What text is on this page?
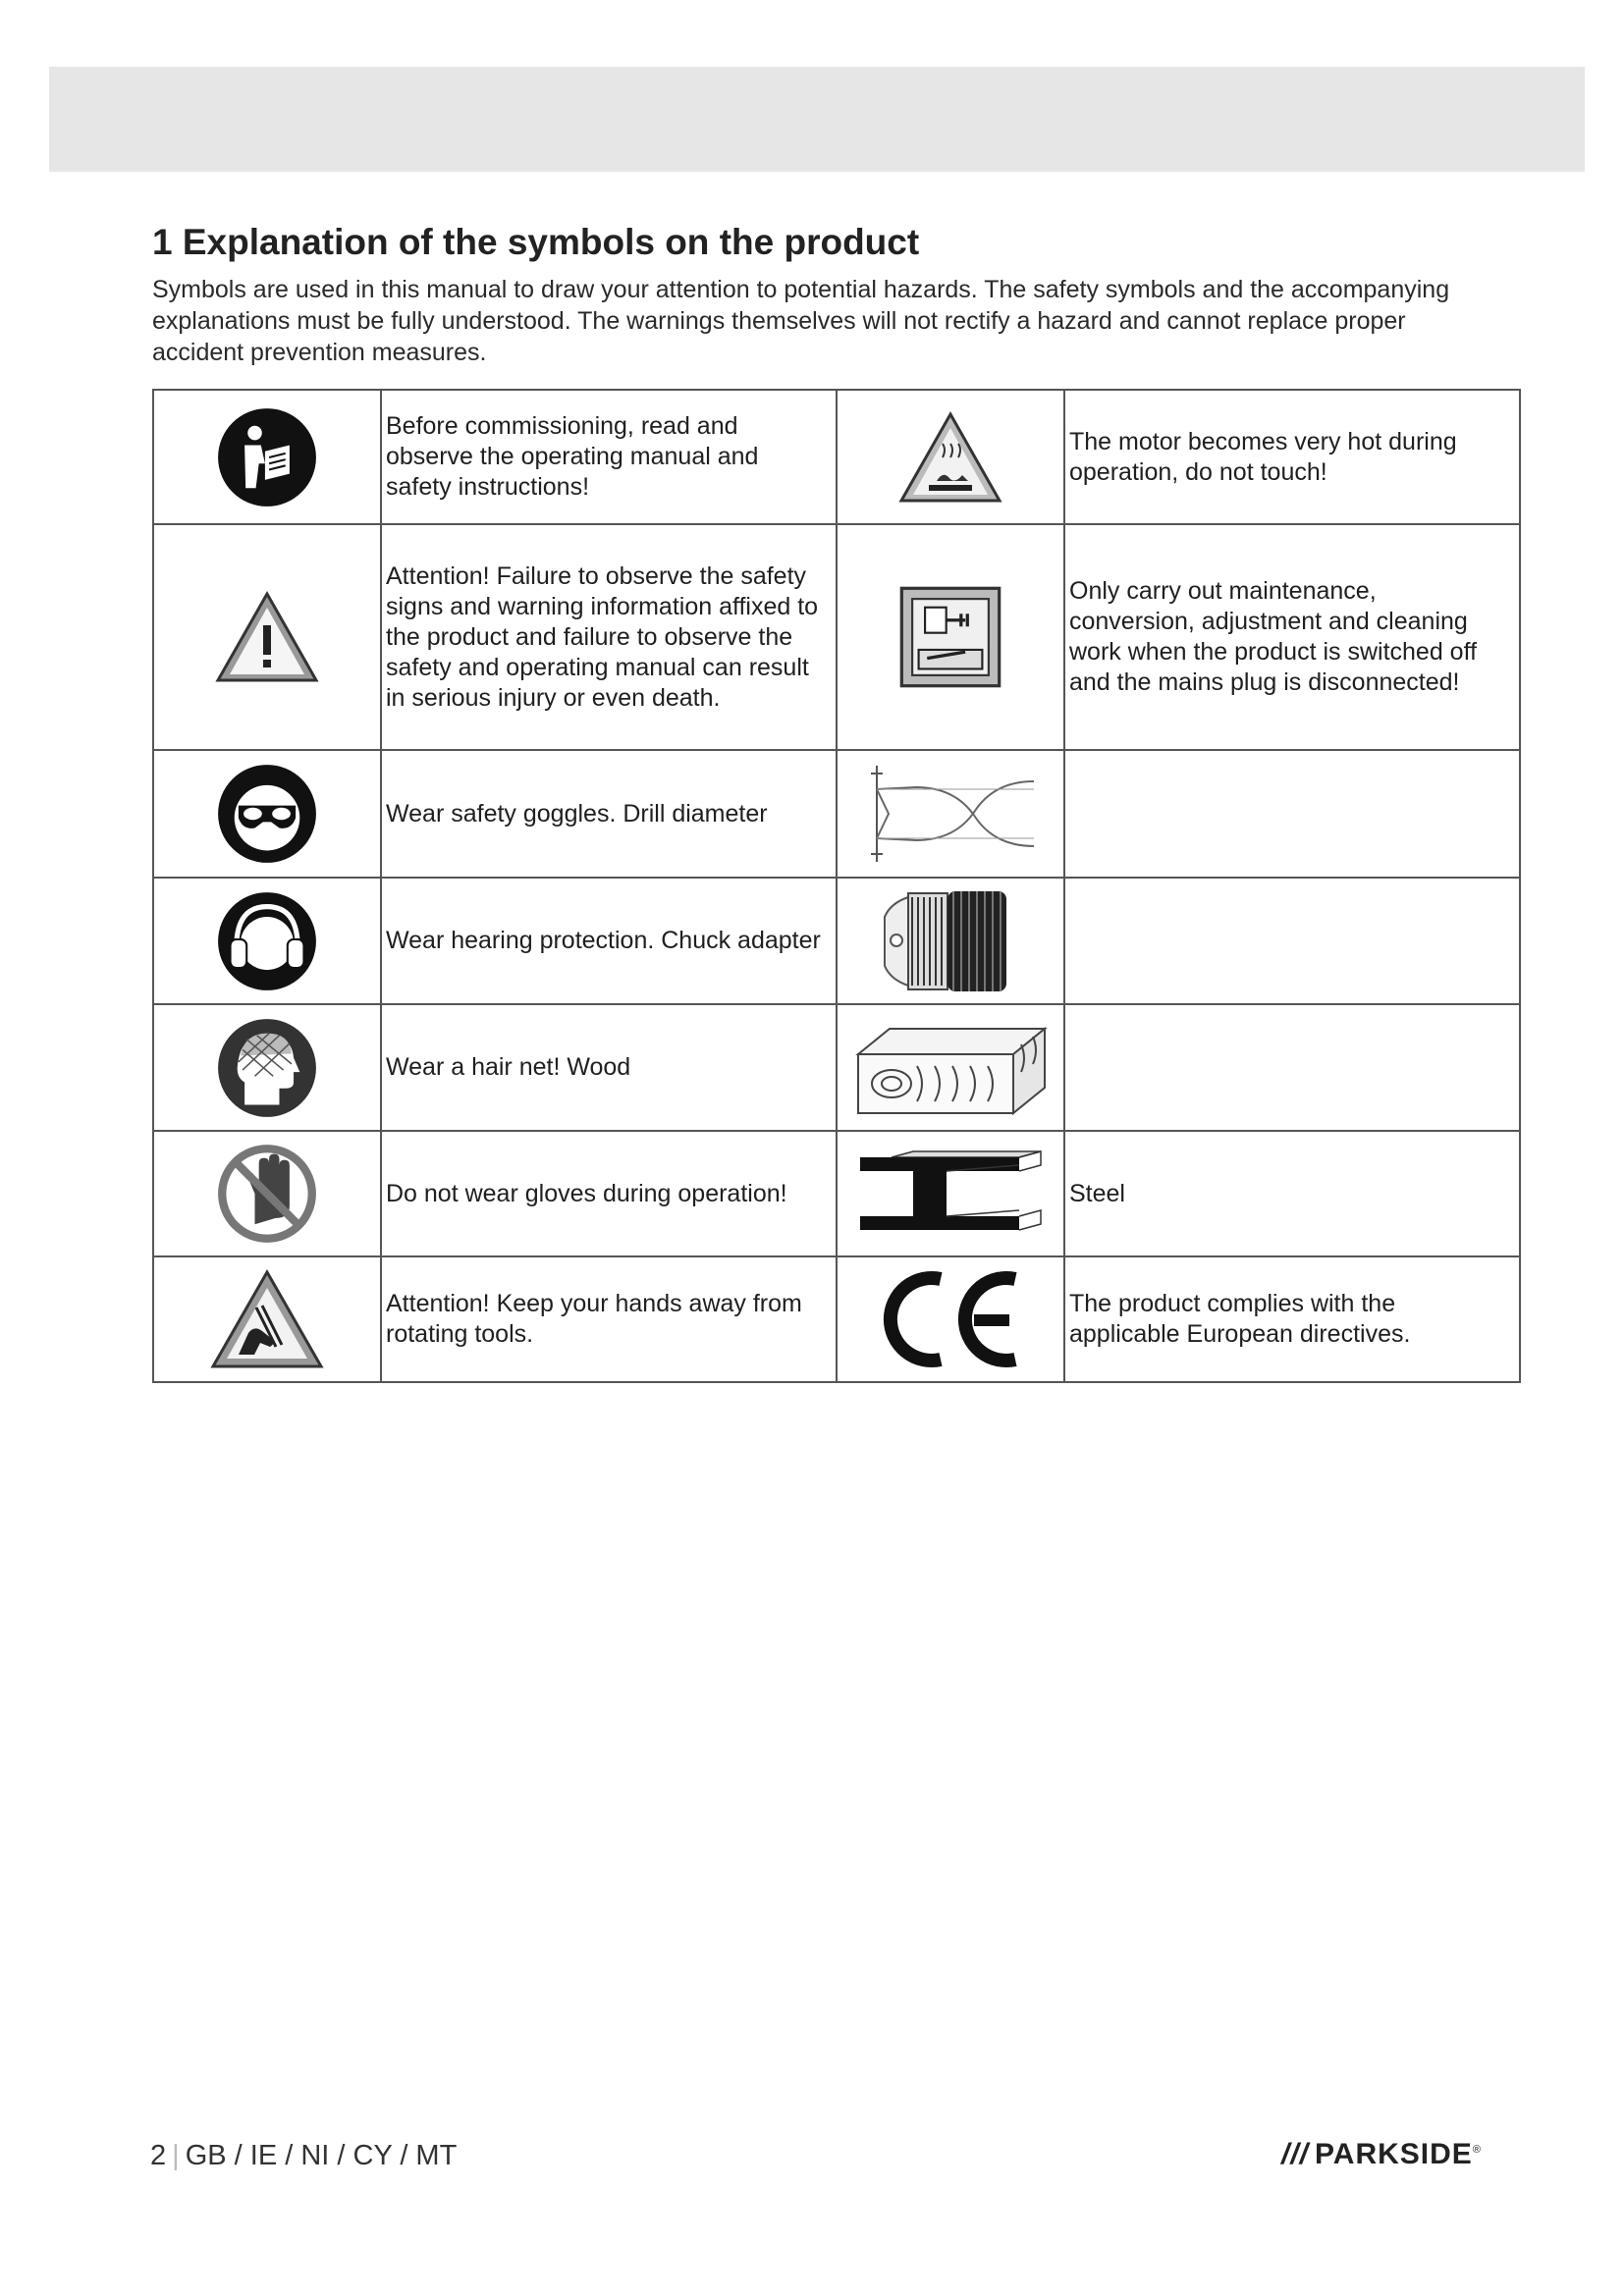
1 Explanation of the symbols on the product

Symbols are used in this manual to draw your attention to potential hazards. The safety symbols and the accompanying explanations must be fully understood. The warnings themselves will not rectify a hazard and cannot replace proper accident prevention measures.

	Before commissioning, read and observe the operating manual and safety instructions!		The motor becomes very hot during operation, do not touch!

	Attention! Failure to observe the safety signs and warning information affixed to the product and failure to observe the safety and operating manual can result in serious injury or even death.		Only carry out maintenance, conversion, adjustment and cleaning work when the product is switched off and the mains plug is disconnected!

	Wear safety goggles. Drill diameter	

	Wear hearing protection. Chuck adapter	

	Wear a hair net! Wood	

	Do not wear gloves during operation!		Steel

	Attention! Keep your hands away from rotating tools.		The product complies with the applicable European directives.
2 | GB / IE / NI / CY / MT	/// PARKSIDE®
